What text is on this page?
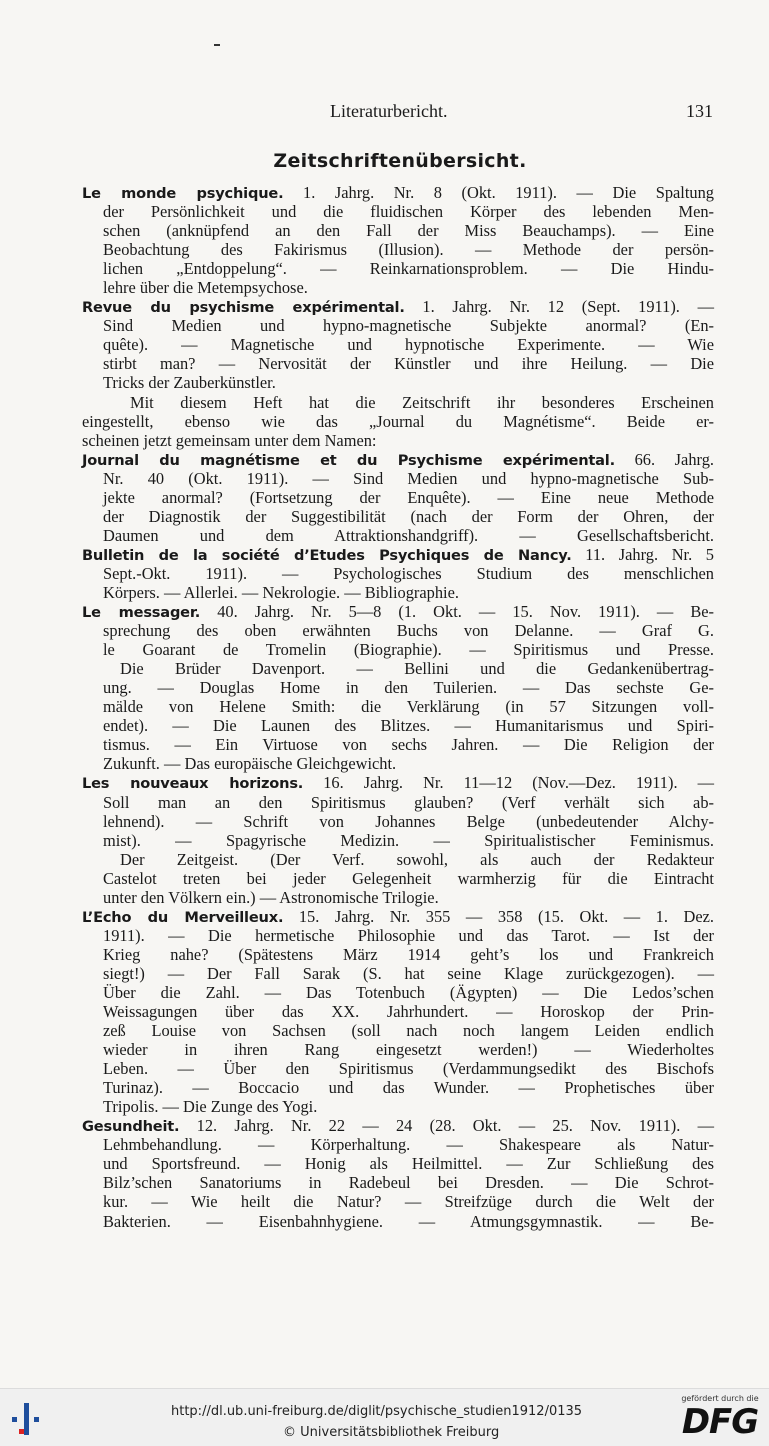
Literaturbericht.	131
Zeitschriftenübersicht.
Le monde psychique. 1. Jahrg. Nr. 8 (Okt. 1911). — Die Spaltung
der Persönlichkeit und die fluidischen Körper des lebenden Men-
schen (anknüpfend an den Fall der Miss Beauchamps). — Eine
Beobachtung des Fakirismus (Illusion). — Methode der persön-
lichen „Entdoppelung“. — Reinkarnationsproblem. — Die Hindu-
lehre über die Metempsychose.
Revue du psychisme expérimental. 1. Jahrg. Nr. 12 (Sept. 1911). —
Sind Medien und hypno-magnetische Subjekte anormal? (En-
quête). — Magnetische und hypnotische Experimente. — Wie
stirbt man? — Nervosität der Künstler und ihre Heilung. — Die
Tricks der Zauberkünstler.
Mit diesem Heft hat die Zeitschrift ihr besonderes Erscheinen
eingestellt, ebenso wie das „Journal du Magnétisme“. Beide er-
scheinen jetzt gemeinsam unter dem Namen:
Journal du magnétisme et du Psychisme expérimental. 66. Jahrg.
Nr. 40 (Okt. 1911). — Sind Medien und hypno-magnetische Sub-
jekte anormal? (Fortsetzung der Enquête). — Eine neue Methode
der Diagnostik der Suggestibilität (nach der Form der Ohren, der
Daumen und dem Attraktionshandgriff). — Gesellschaftsbericht.
Bulletin de la société d’Etudes Psychiques de Nancy. 11. Jahrg. Nr. 5
Sept.-Okt. 1911). — Psychologisches Studium des menschlichen
Körpers. — Allerlei. — Nekrologie. — Bibliographie.
Le messager. 40. Jahrg. Nr. 5—8 (1. Okt. — 15. Nov. 1911). — Be-
sprechung des oben erwähnten Buchs von Delanne. — Graf G.
le Goarant de Tromelin (Biographie). — Spiritismus und Presse.
Die Brüder Davenport. — Bellini und die Gedankenübertrag-
ung. — Douglas Home in den Tuilerien. — Das sechste Ge-
mälde von Helene Smith: die Verklärung (in 57 Sitzungen voll-
endet). — Die Launen des Blitzes. — Humanitarismus und Spiri-
tismus. — Ein Virtuose von sechs Jahren. — Die Religion der
Zukunft. — Das europäische Gleichgewicht.
Les nouveaux horizons. 16. Jahrg. Nr. 11—12 (Nov.—Dez. 1911). —
Soll man an den Spiritismus glauben? (Verf verhält sich ab-
lehnend). — Schrift von Johannes Belge (unbedeutender Alchy-
mist). — Spagyrische Medizin. — Spiritualistischer Feminismus.
Der Zeitgeist. (Der Verf. sowohl, als auch der Redakteur
Castelot treten bei jeder Gelegenheit warmherzig für die Eintracht
unter den Völkern ein.) — Astronomische Trilogie.
L’Echo du Merveilleux. 15. Jahrg. Nr. 355 — 358 (15. Okt. — 1. Dez.
1911). — Die hermetische Philosophie und das Tarot. — Ist der
Krieg nahe? (Spätestens März 1914 geht’s los und Frankreich
siegt!) — Der Fall Sarak (S. hat seine Klage zurückgezogen). —
Über die Zahl. — Das Totenbuch (Ägypten) — Die Ledos’schen
Weissagungen über das XX. Jahrhundert. — Horoskop der Prin-
zeß Louise von Sachsen (soll nach noch langem Leiden endlich
wieder in ihren Rang eingesetzt werden!) — Wiederholtes
Leben. — Über den Spiritismus (Verdammungsedikt des Bischofs
Turinaz). — Boccacio und das Wunder. — Prophetisches über
Tripolis. — Die Zunge des Yogi.
Gesundheit. 12. Jahrg. Nr. 22 — 24 (28. Okt. — 25. Nov. 1911). —
Lehmbehandlung. — Körperhaltung. — Shakespeare als Natur-
und Sportsfreund. — Honig als Heilmittel. — Zur Schließung des
Bilz’schen Sanatoriums in Radebeul bei Dresden. — Die Schrot-
kur. — Wie heilt die Natur? — Streifzüge durch die Welt der
Bakterien. — Eisenbahnhygiene. — Atmungsgymnastik. — Be-
http://dl.ub.uni-freiburg.de/diglit/psychische_studien1912/0135
© Universitätsbibliothek Freiburg
gefördert durch die
DFG
